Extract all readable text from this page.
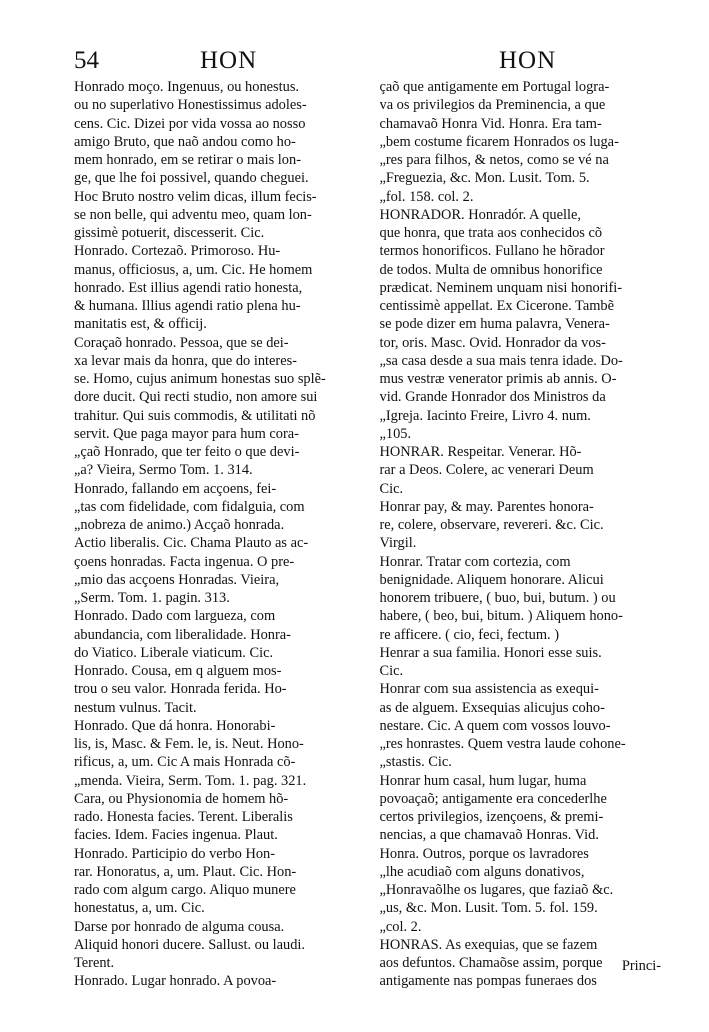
54	HON	HON
Honrado moço. Ingenuus, ou honestus.
ou no superlativo Honestissimus adoles-
cens. Cic. Dizei por vida vossa ao nosso
amigo Bruto, que naõ andou como ho-
mem honrado, em se retirar o mais lon-
ge, que lhe foi possivel, quando cheguei.
Hoc Bruto nostro velim dicas, illum fecis-
se non belle, qui adventu meo, quam lon-
gissimè potuerit, discesserit. Cic.
Honrado. Cortezaõ. Primoroso. Hu-
manus, officiosus, a, um. Cic. He homem
honrado. Est illius agendi ratio honesta,
& humana. Illius agendi ratio plena hu-
manitatis est, & officij.
Coraçaõ honrado. Pessoa, que se dei-
xa levar mais da honra, que do interes-
se. Homo, cujus animum honestas suo splẽ-
dore ducit. Qui recti studio, non amore sui
trahitur. Qui suis commodis, & utilitati nõ
servit. Que paga mayor para hum cora-
„çaõ Honrado, que ter feito o que devi-
„a? Vieira, Sermo Tom. 1. 314.
Honrado, fallando em acçoens, fei-
„tas com fidelidade, com fidalguia, com
„nobreza de animo.) Acçaõ honrada.
Actio liberalis. Cic. Chama Plauto as ac-
çoens honradas. Facta ingenua. O pre-
„mio das acçoens Honradas. Vieira,
„Serm. Tom. 1. pagin. 313.
Honrado. Dado com largueza, com
abundancia, com liberalidade. Honra-
do Viatico. Liberale viaticum. Cic.
Honrado. Cousa, em q alguem mos-
trou o seu valor. Honrada ferida. Ho-
nestum vulnus. Tacit.
Honrado. Que dá honra. Honorabi-
lis, is, Masc. & Fem. le, is. Neut. Hono-
rificus, a, um. Cic A mais Honrada cõ-
„menda. Vieira, Serm. Tom. 1. pag. 321.
Cara, ou Physionomia de homem hõ-
rado. Honesta facies. Terent. Liberalis
facies. Idem. Facies ingenua. Plaut.
Honrado. Participio do verbo Hon-
rar. Honoratus, a, um. Plaut. Cic. Hon-
rado com algum cargo. Aliquo munere
honestatus, a, um. Cic.
Darse por honrado de alguma cousa.
Aliquid honori ducere. Sallust. ou laudi.
Terent.
Honrado. Lugar honrado. A povoa-
çaõ que antigamente em Portugal logra-
va os privilegios da Preminencia, a que
chamavaõ Honra Vid. Honra. Era tam-
„bem costume ficarem Honrados os luga-
„res para filhos, & netos, como se vé na
„Freguezia, &c. Mon. Lusit. Tom. 5.
„fol. 158. col. 2.
HONRADOR. Honradór. A quelle,
que honra, que trata aos conhecidos cõ
termos honorificos. Fullano he hõrador
de todos. Multa de omnibus honorifice
prædicat. Neminem unquam nisi honorifi-
centissimè appellat. Ex Cicerone. Tambẽ
se pode dizer em huma palavra, Venera-
tor, oris. Masc. Ovid. Honrador da vos-
„sa casa desde a sua mais tenra idade. Do-
mus vestræ venerator primis ab annis. O-
vid. Grande Honrador dos Ministros da
„Igreja. Iacinto Freire, Livro 4. num.
„105.
HONRAR. Respeitar. Venerar. Hõ-
rar a Deos. Colere, ac venerari Deum
Cic.
Honrar pay, & may. Parentes honora-
re, colere, observare, revereri. &c. Cic.
Virgil.
Honrar. Tratar com cortezia, com
benignidade. Aliquem honorare. Alicui
honorem tribuere, ( buo, bui, butum. ) ou
habere, ( beo, bui, bitum. ) Aliquem hono-
re afficere. ( cio, feci, fectum. )
Henrar a sua familia. Honori esse suis.
Cic.
Honrar com sua assistencia as exequi-
as de alguem. Exsequias alicujus coho-
nestare. Cic. A quem com vossos louvo-
„res honrastes. Quem vestra laude cohone-
„stastis. Cic.
Honrar hum casal, hum lugar, huma
povoaçaõ; antigamente era concederlhe
certos privilegios, izençoens, & premi-
nencias, a que chamavaõ Honras. Vid.
Honra. Outros, porque os lavradores
„lhe acudiaõ com alguns donativos,
„Honravaõlhe os lugares, que faziaõ &c.
„us, &c. Mon. Lusit. Tom. 5. fol. 159.
„col. 2.
HONRAS. As exequias, que se fazem
aos defuntos. Chamaõse assim, porque
antigamente nas pompas funeraes dos
Princi-
